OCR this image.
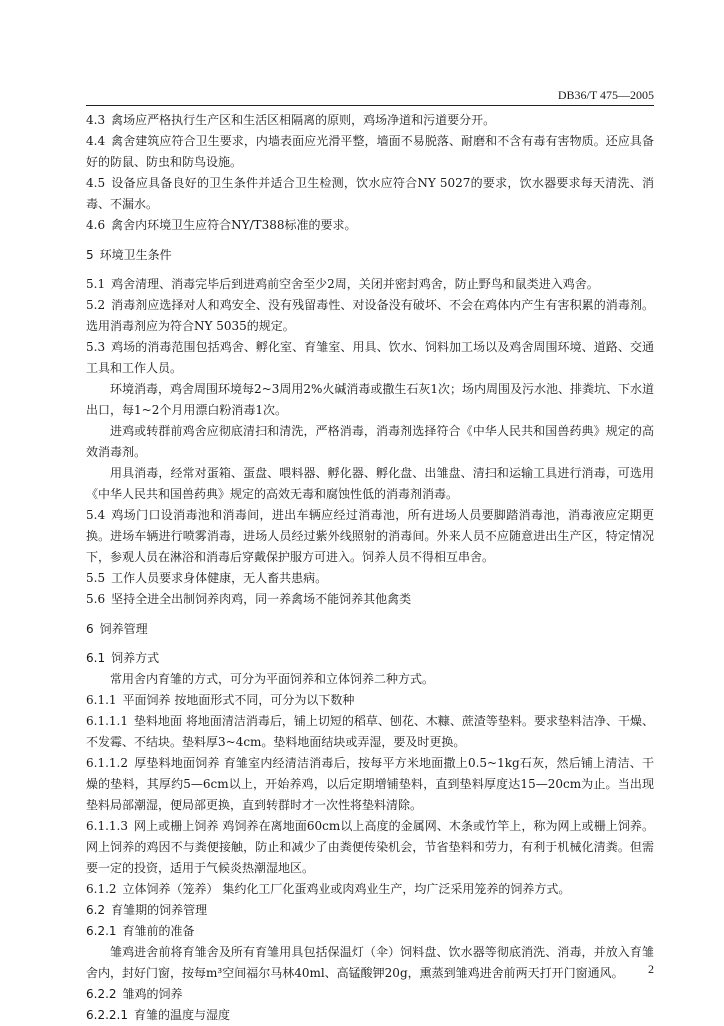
DB36/T 475—2005

4.3 禽场应严格执行生产区和生活区相隔离的原则，鸡场净道和污道要分开。

4.4 禽舍建筑应符合卫生要求，内墙表面应光滑平整，墙面不易脱落、耐磨和不含有毒有害物质。还应具备好的防鼠、防虫和防鸟设施。

4.5 设备应具备良好的卫生条件并适合卫生检测，饮水应符合NY 5027的要求，饮水器要求每天清洗、消毒、不漏水。

4.6 禽舍内环境卫生应符合NY/T388标准的要求。

5 环境卫生条件

5.1 鸡舍清理、消毒完毕后到进鸡前空舍至少2周，关闭并密封鸡舍，防止野鸟和鼠类进入鸡舍。

5.2 消毒剂应选择对人和鸡安全、没有残留毒性、对设备没有破坏、不会在鸡体内产生有害积累的消毒剂。选用消毒剂应为符合NY 5035的规定。

5.3 鸡场的消毒范围包括鸡舍、孵化室、育雏室、用具、饮水、饲料加工场以及鸡舍周围环境、道路、交通工具和工作人员。

环境消毒，鸡舍周围环境每2~3周用2%火碱消毒或撒生石灰1次；场内周围及污水池、排粪坑、下水道出口，每1~2个月用漂白粉消毒1次。

进鸡或转群前鸡舍应彻底清扫和清洗，严格消毒，消毒剂选择符合《中华人民共和国兽药典》规定的高效消毒剂。

用具消毒，经常对蛋箱、蛋盘、喂料器、孵化器、孵化盘、出雏盘、清扫和运输工具进行消毒，可选用《中华人民共和国兽药典》规定的高效无毒和腐蚀性低的消毒剂消毒。

5.4 鸡场门口设消毒池和消毒间，进出车辆应经过消毒池，所有进场人员要脚踏消毒池，消毒液应定期更换。进场车辆进行喷雾消毒，进场人员经过紫外线照射的消毒间。外来人员不应随意进出生产区，特定情况下，参观人员在淋浴和消毒后穿戴保护服方可进入。饲养人员不得相互串舍。

5.5 工作人员要求身体健康，无人畜共患病。

5.6 坚持全进全出制饲养肉鸡，同一养禽场不能饲养其他禽类

6 饲养管理

6.1 饲养方式

常用舍内育雏的方式，可分为平面饲养和立体饲养二种方式。

6.1.1 平面饲养 按地面形式不同，可分为以下数种

6.1.1.1 垫料地面 将地面清洁消毒后，铺上切短的稻草、刨花、木糠、蔗渣等垫料。要求垫料洁净、干燥、不发霉、不结块。垫料厚3~4cm。垫料地面结块或弄湿，要及时更换。

6.1.1.2 厚垫料地面饲养 育雏室内经清洁消毒后，按每平方米地面撒上0.5~1kg石灰，然后铺上清洁、干燥的垫料，其厚约5—6cm以上，开始养鸡，以后定期增铺垫料，直到垫料厚度达15—20cm为止。当出现垫料局部潮湿，便局部更换，直到转群时才一次性将垫料清除。

6.1.1.3 网上或栅上饲养 鸡饲养在离地面60cm以上高度的金属网、木条或竹竿上，称为网上或栅上饲养。网上饲养的鸡因不与粪便接触，防止和减少了由粪便传染机会，节省垫料和劳力，有利于机械化清粪。但需要一定的投资，适用于气候炎热潮湿地区。

6.1.2 立体饲养（笼养） 集约化工厂化蛋鸡业或肉鸡业生产，均广泛采用笼养的饲养方式。

6.2 育雏期的饲养管理

6.2.1 育雏前的准备

雏鸡进舍前将育雏舍及所有育雏用具包括保温灯（伞）饲料盘、饮水器等彻底消洗、消毒，并放入育雏舍内，封好门窗，按每m³空间福尔马林40ml、高锰酸钾20g，熏蒸到雏鸡进舍前两天打开门窗通风。

6.2.2 雏鸡的饲养

6.2.2.1 育雏的温度与湿度

2
